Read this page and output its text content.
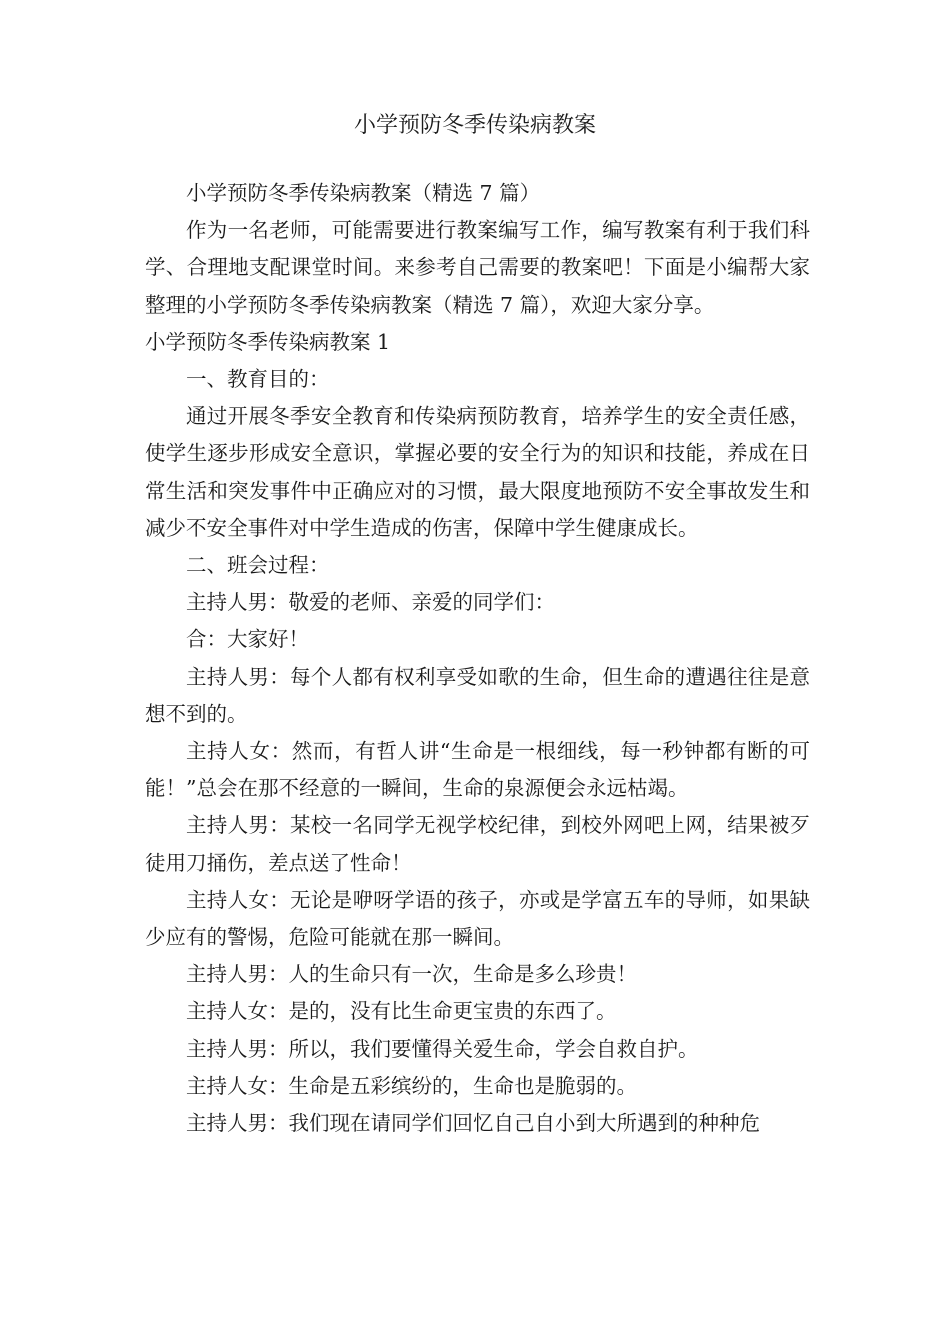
小学预防冬季传染病教案

小学预防冬季传染病教案（精选 7 篇）

作为一名老师，可能需要进行教案编写工作，编写教案有利于我们科学、合理地支配课堂时间。来参考自己需要的教案吧！下面是小编帮大家整理的小学预防冬季传染病教案（精选 7 篇），欢迎大家分享。

小学预防冬季传染病教案 1

一、教育目的：

通过开展冬季安全教育和传染病预防教育，培养学生的安全责任感，使学生逐步形成安全意识，掌握必要的安全行为的知识和技能，养成在日常生活和突发事件中正确应对的习惯，最大限度地预防不安全事故发生和减少不安全事件对中学生造成的伤害，保障中学生健康成长。

二、班会过程：

主持人男：敬爱的老师、亲爱的同学们：

合：大家好！

主持人男：每个人都有权利享受如歌的生命，但生命的遭遇往往是意想不到的。

主持人女：然而，有哲人讲“生命是一根细线，每一秒钟都有断的可能！”总会在那不经意的一瞬间，生命的泉源便会永远枯竭。

主持人男：某校一名同学无视学校纪律，到校外网吧上网，结果被歹徒用刀捅伤，差点送了性命！

主持人女：无论是咿呀学语的孩子，亦或是学富五车的导师，如果缺少应有的警惕，危险可能就在那一瞬间。

主持人男：人的生命只有一次，生命是多么珍贵！

主持人女：是的，没有比生命更宝贵的东西了。

主持人男：所以，我们要懂得关爱生命，学会自救自护。

主持人女：生命是五彩缤纷的，生命也是脆弱的。

主持人男：我们现在请同学们回忆自己自小到大所遇到的种种危
